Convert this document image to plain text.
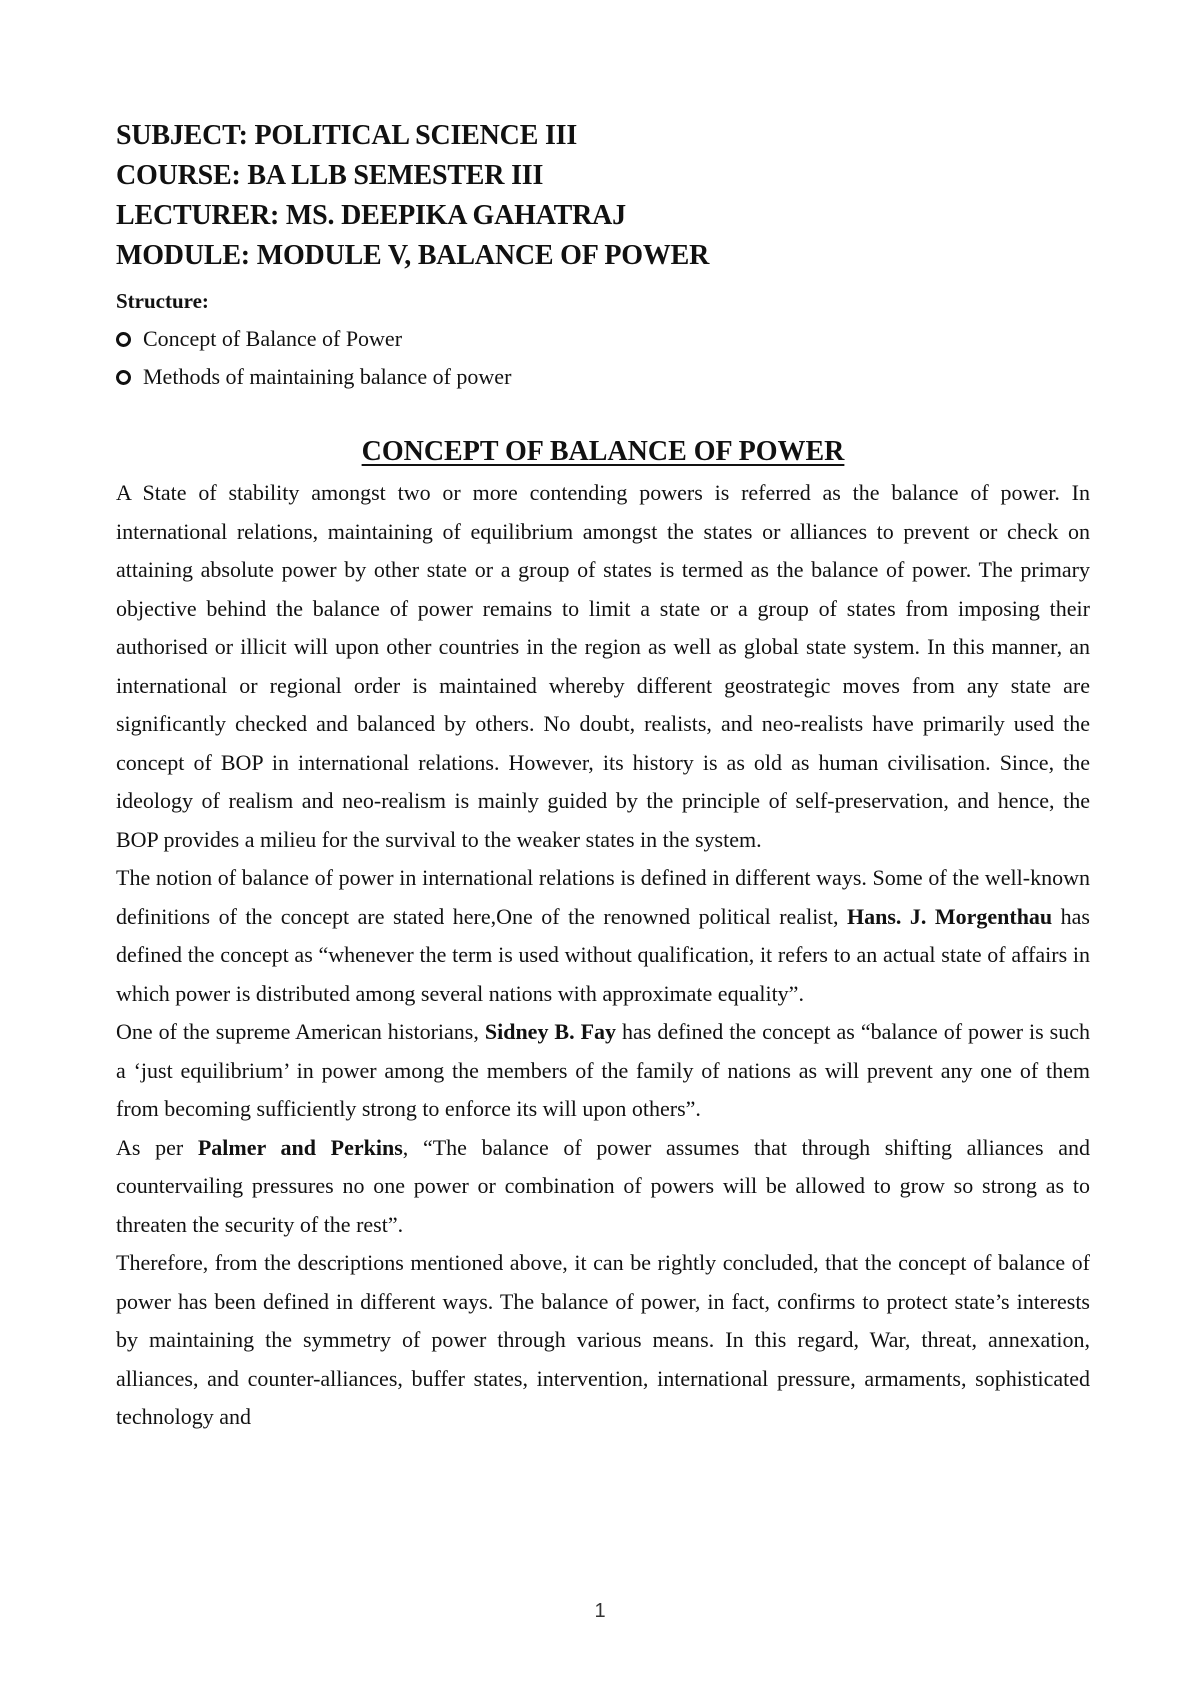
SUBJECT: POLITICAL SCIENCE III

COURSE: BA LLB SEMESTER III

LECTURER: MS. DEEPIKA GAHATRAJ

MODULE: MODULE V, BALANCE OF POWER

Structure:
Concept of Balance of Power
Methods of maintaining balance of power
CONCEPT OF BALANCE OF POWER

A State of stability amongst two or more contending powers is referred as the balance of power. In international relations, maintaining of equilibrium amongst the states or alliances to prevent or check on attaining absolute power by other state or a group of states is termed as the balance of power. The primary objective behind the balance of power remains to limit a state or a group of states from imposing their authorised or illicit will upon other countries in the region as well as global state system. In this manner, an international or regional order is maintained whereby different geostrategic moves from any state are significantly checked and balanced by others. No doubt, realists, and neo-realists have primarily used the concept of BOP in international relations. However, its history is as old as human civilisation. Since, the ideology of realism and neo-realism is mainly guided by the principle of self-preservation, and hence, the BOP provides a milieu for the survival to the weaker states in the system.

The notion of balance of power in international relations is defined in different ways. Some of the well-known definitions of the concept are stated here,One of the renowned political realist, Hans. J. Morgenthau has defined the concept as “whenever the term is used without qualification, it refers to an actual state of affairs in which power is distributed among several nations with approximate equality”.

One of the supreme American historians, Sidney B. Fay has defined the concept as “balance of power is such a ‘just equilibrium’ in power among the members of the family of nations as will prevent any one of them from becoming sufficiently strong to enforce its will upon others”.

As per Palmer and Perkins, “The balance of power assumes that through shifting alliances and countervailing pressures no one power or combination of powers will be allowed to grow so strong as to threaten the security of the rest”.

Therefore, from the descriptions mentioned above, it can be rightly concluded, that the concept of balance of power has been defined in different ways. The balance of power, in fact, confirms to protect state’s interests by maintaining the symmetry of power through various means. In this regard, War, threat, annexation, alliances, and counter-alliances, buffer states, intervention, international pressure, armaments, sophisticated technology and

1
